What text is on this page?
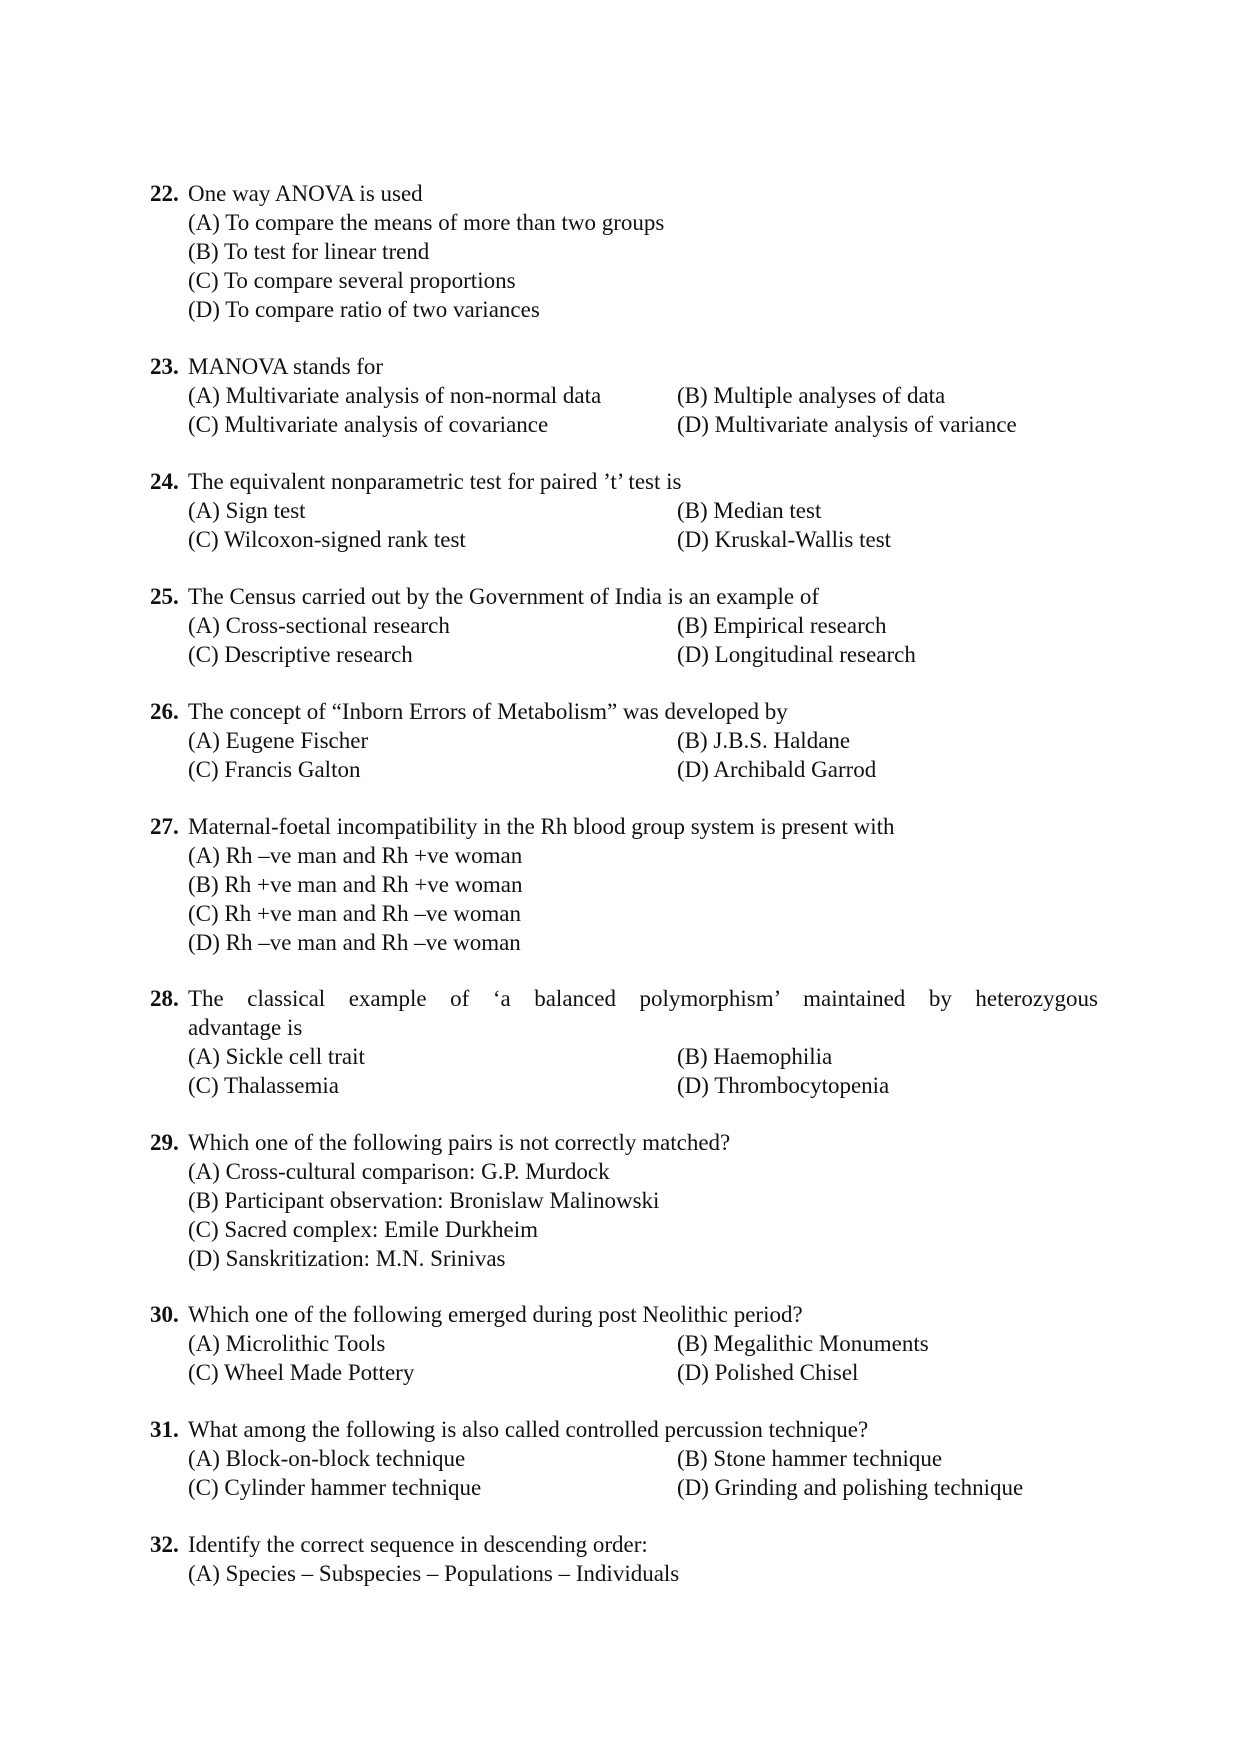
22. One way ANOVA is used
(A) To compare the means of more than two groups
(B) To test for linear trend
(C) To compare several proportions
(D) To compare ratio of two variances
23. MANOVA stands for
(A) Multivariate analysis of non-normal data	(B) Multiple analyses of data
(C) Multivariate analysis of covariance	(D) Multivariate analysis of variance
24. The equivalent nonparametric test for paired ’t’ test is
(A) Sign test	(B) Median test
(C) Wilcoxon-signed rank test	(D) Kruskal-Wallis test
25. The Census carried out by the Government of India is an example of
(A) Cross-sectional research	(B) Empirical research
(C) Descriptive research	(D) Longitudinal research
26. The concept of “Inborn Errors of Metabolism” was developed by
(A) Eugene Fischer	(B) J.B.S. Haldane
(C) Francis Galton	(D) Archibald Garrod
27. Maternal-foetal incompatibility in the Rh blood group system is present with
(A) Rh –ve man and Rh +ve woman
(B) Rh +ve man and Rh +ve woman
(C) Rh +ve man and Rh –ve woman
(D) Rh –ve man and Rh –ve woman
28. The classical example of ‘a balanced polymorphism’ maintained by heterozygous
advantage is
(A) Sickle cell trait	(B) Haemophilia
(C) Thalassemia	(D) Thrombocytopenia
29. Which one of the following pairs is not correctly matched?
(A) Cross-cultural comparison: G.P. Murdock
(B) Participant observation: Bronislaw Malinowski
(C) Sacred complex: Emile Durkheim
(D) Sanskritization: M.N. Srinivas
30. Which one of the following emerged during post Neolithic period?
(A) Microlithic Tools	(B) Megalithic Monuments
(C) Wheel Made Pottery	(D) Polished Chisel
31. What among the following is also called controlled percussion technique?
(A) Block-on-block technique	(B) Stone hammer technique
(C) Cylinder hammer technique	(D) Grinding and polishing technique
32. Identify the correct sequence in descending order:
(A) Species – Subspecies – Populations – Individuals
